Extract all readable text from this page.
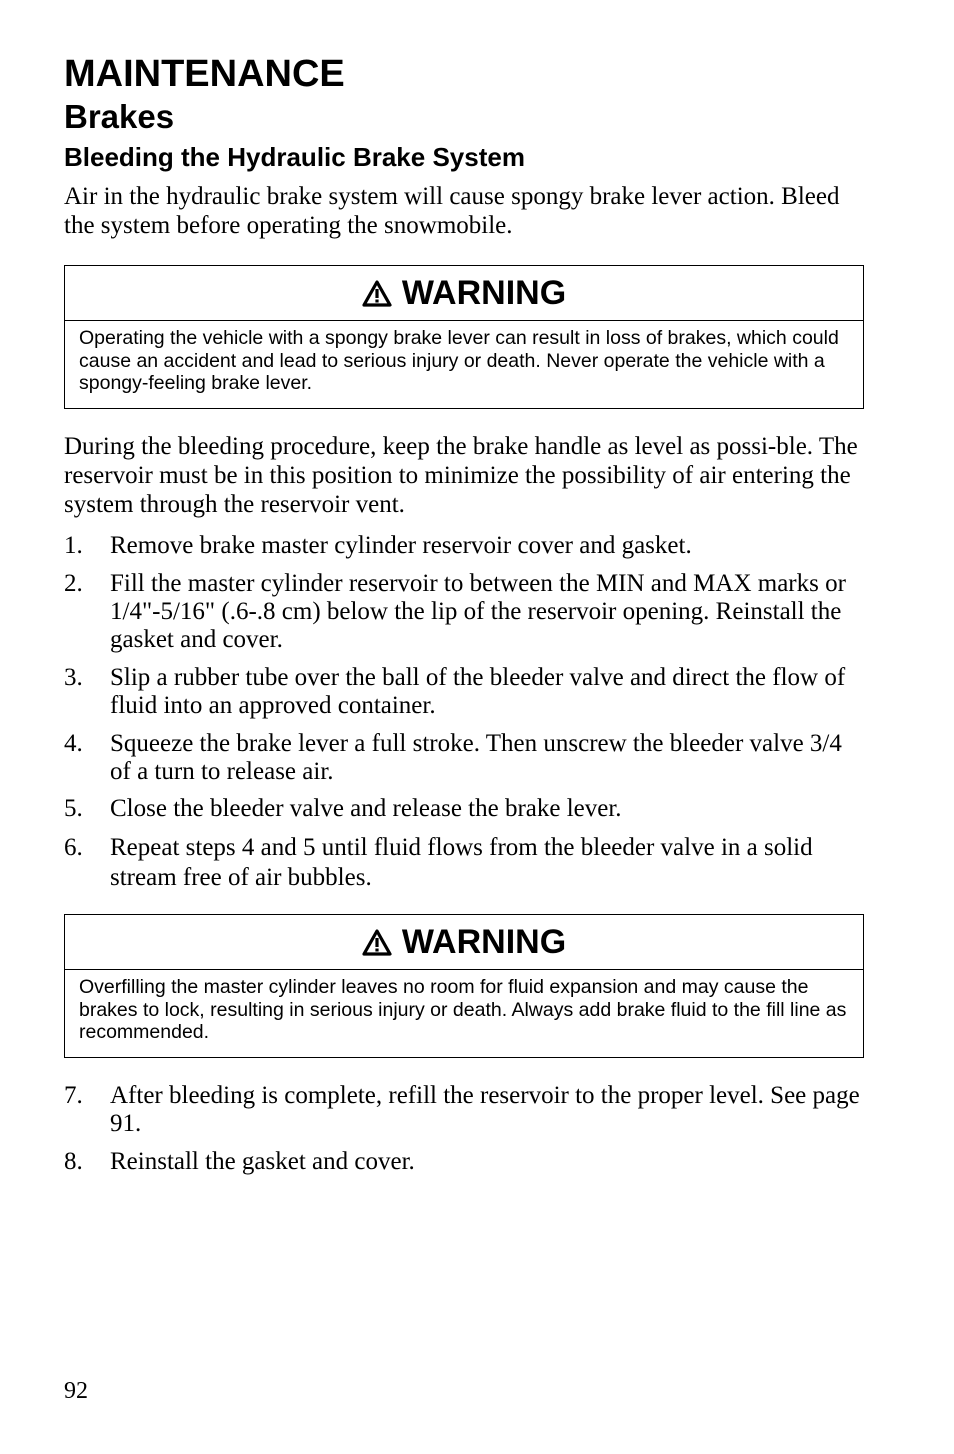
MAINTENANCE
Brakes
Bleeding the Hydraulic Brake System

Air in the hydraulic brake system will cause spongy brake lever action. Bleed the system before operating the snowmobile.

WARNING
Operating the vehicle with a spongy brake lever can result in loss of brakes, which could cause an accident and lead to serious injury or death. Never operate the vehicle with a spongy-feeling brake lever.

During the bleeding procedure, keep the brake handle as level as possi-ble. The reservoir must be in this position to minimize the possibility of air entering the system through the reservoir vent.

1. Remove brake master cylinder reservoir cover and gasket.
2. Fill the master cylinder reservoir to between the MIN and MAX marks or 1/4"-5/16" (.6-.8 cm) below the lip of the reservoir opening. Reinstall the gasket and cover.
3. Slip a rubber tube over the ball of the bleeder valve and direct the flow of fluid into an approved container.
4. Squeeze the brake lever a full stroke. Then unscrew the bleeder valve 3/4 of a turn to release air.
5. Close the bleeder valve and release the brake lever.
6. Repeat steps 4 and 5 until fluid flows from the bleeder valve in a solid stream free of air bubbles.
WARNING
Overfilling the master cylinder leaves no room for fluid expansion and may cause the brakes to lock, resulting in serious injury or death. Always add brake fluid to the fill line as recommended.
7. After bleeding is complete, refill the reservoir to the proper level. See page 91.
8. Reinstall the gasket and cover.
92
